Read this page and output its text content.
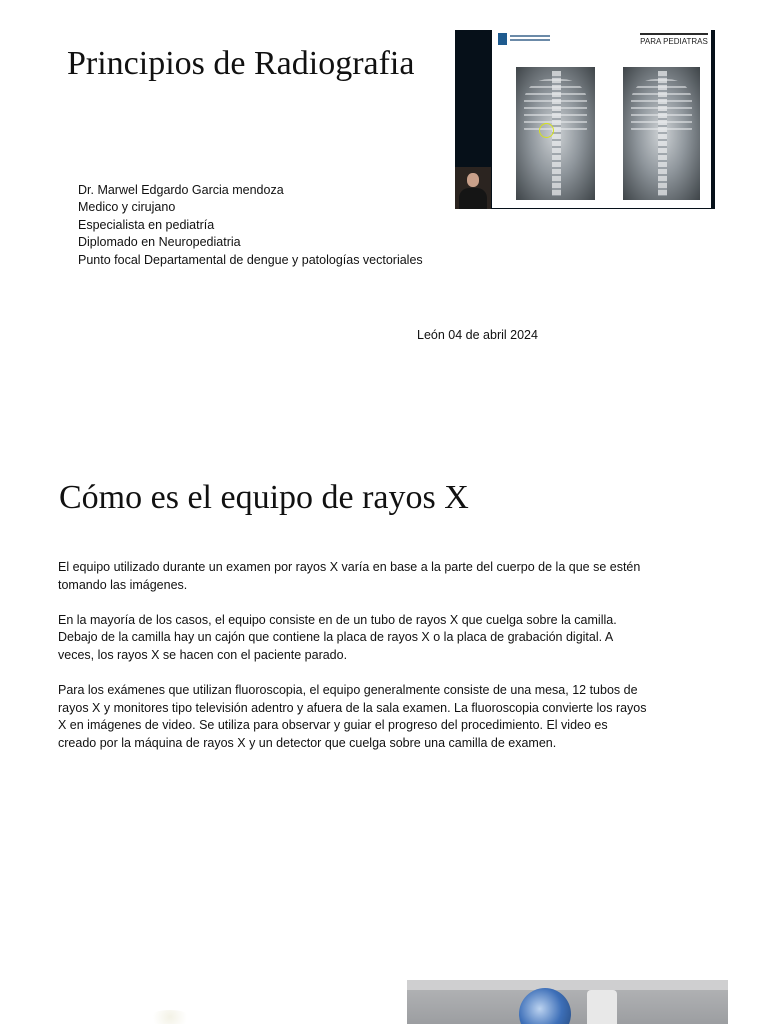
Principios de Radiografia
PARA PEDIATRAS
Dr. Marwel Edgardo Garcia mendoza
Medico y cirujano
Especialista en pediatría
Diplomado en Neuropediatria
Punto focal Departamental de dengue y patologías vectoriales
León 04 de abril 2024
Cómo es el equipo de rayos X

El equipo utilizado durante un examen por rayos X varía en base a la parte del cuerpo de la que se estén tomando las imágenes.

En la mayoría de los casos, el equipo consiste en de un tubo de rayos X que cuelga sobre la camilla. Debajo de la camilla hay un cajón que contiene la placa de rayos X o la placa de grabación digital. A veces, los rayos X se hacen con el paciente parado.

Para los exámenes que utilizan fluoroscopia, el equipo generalmente consiste de una mesa, 12 tubos de rayos X y monitores tipo televisión adentro y afuera de la sala examen. La fluoroscopia convierte los rayos X en imágenes de video. Se utiliza para observar y guiar el progreso del procedimiento. El video es creado por la máquina de rayos X y un detector que cuelga sobre una camilla de examen.
